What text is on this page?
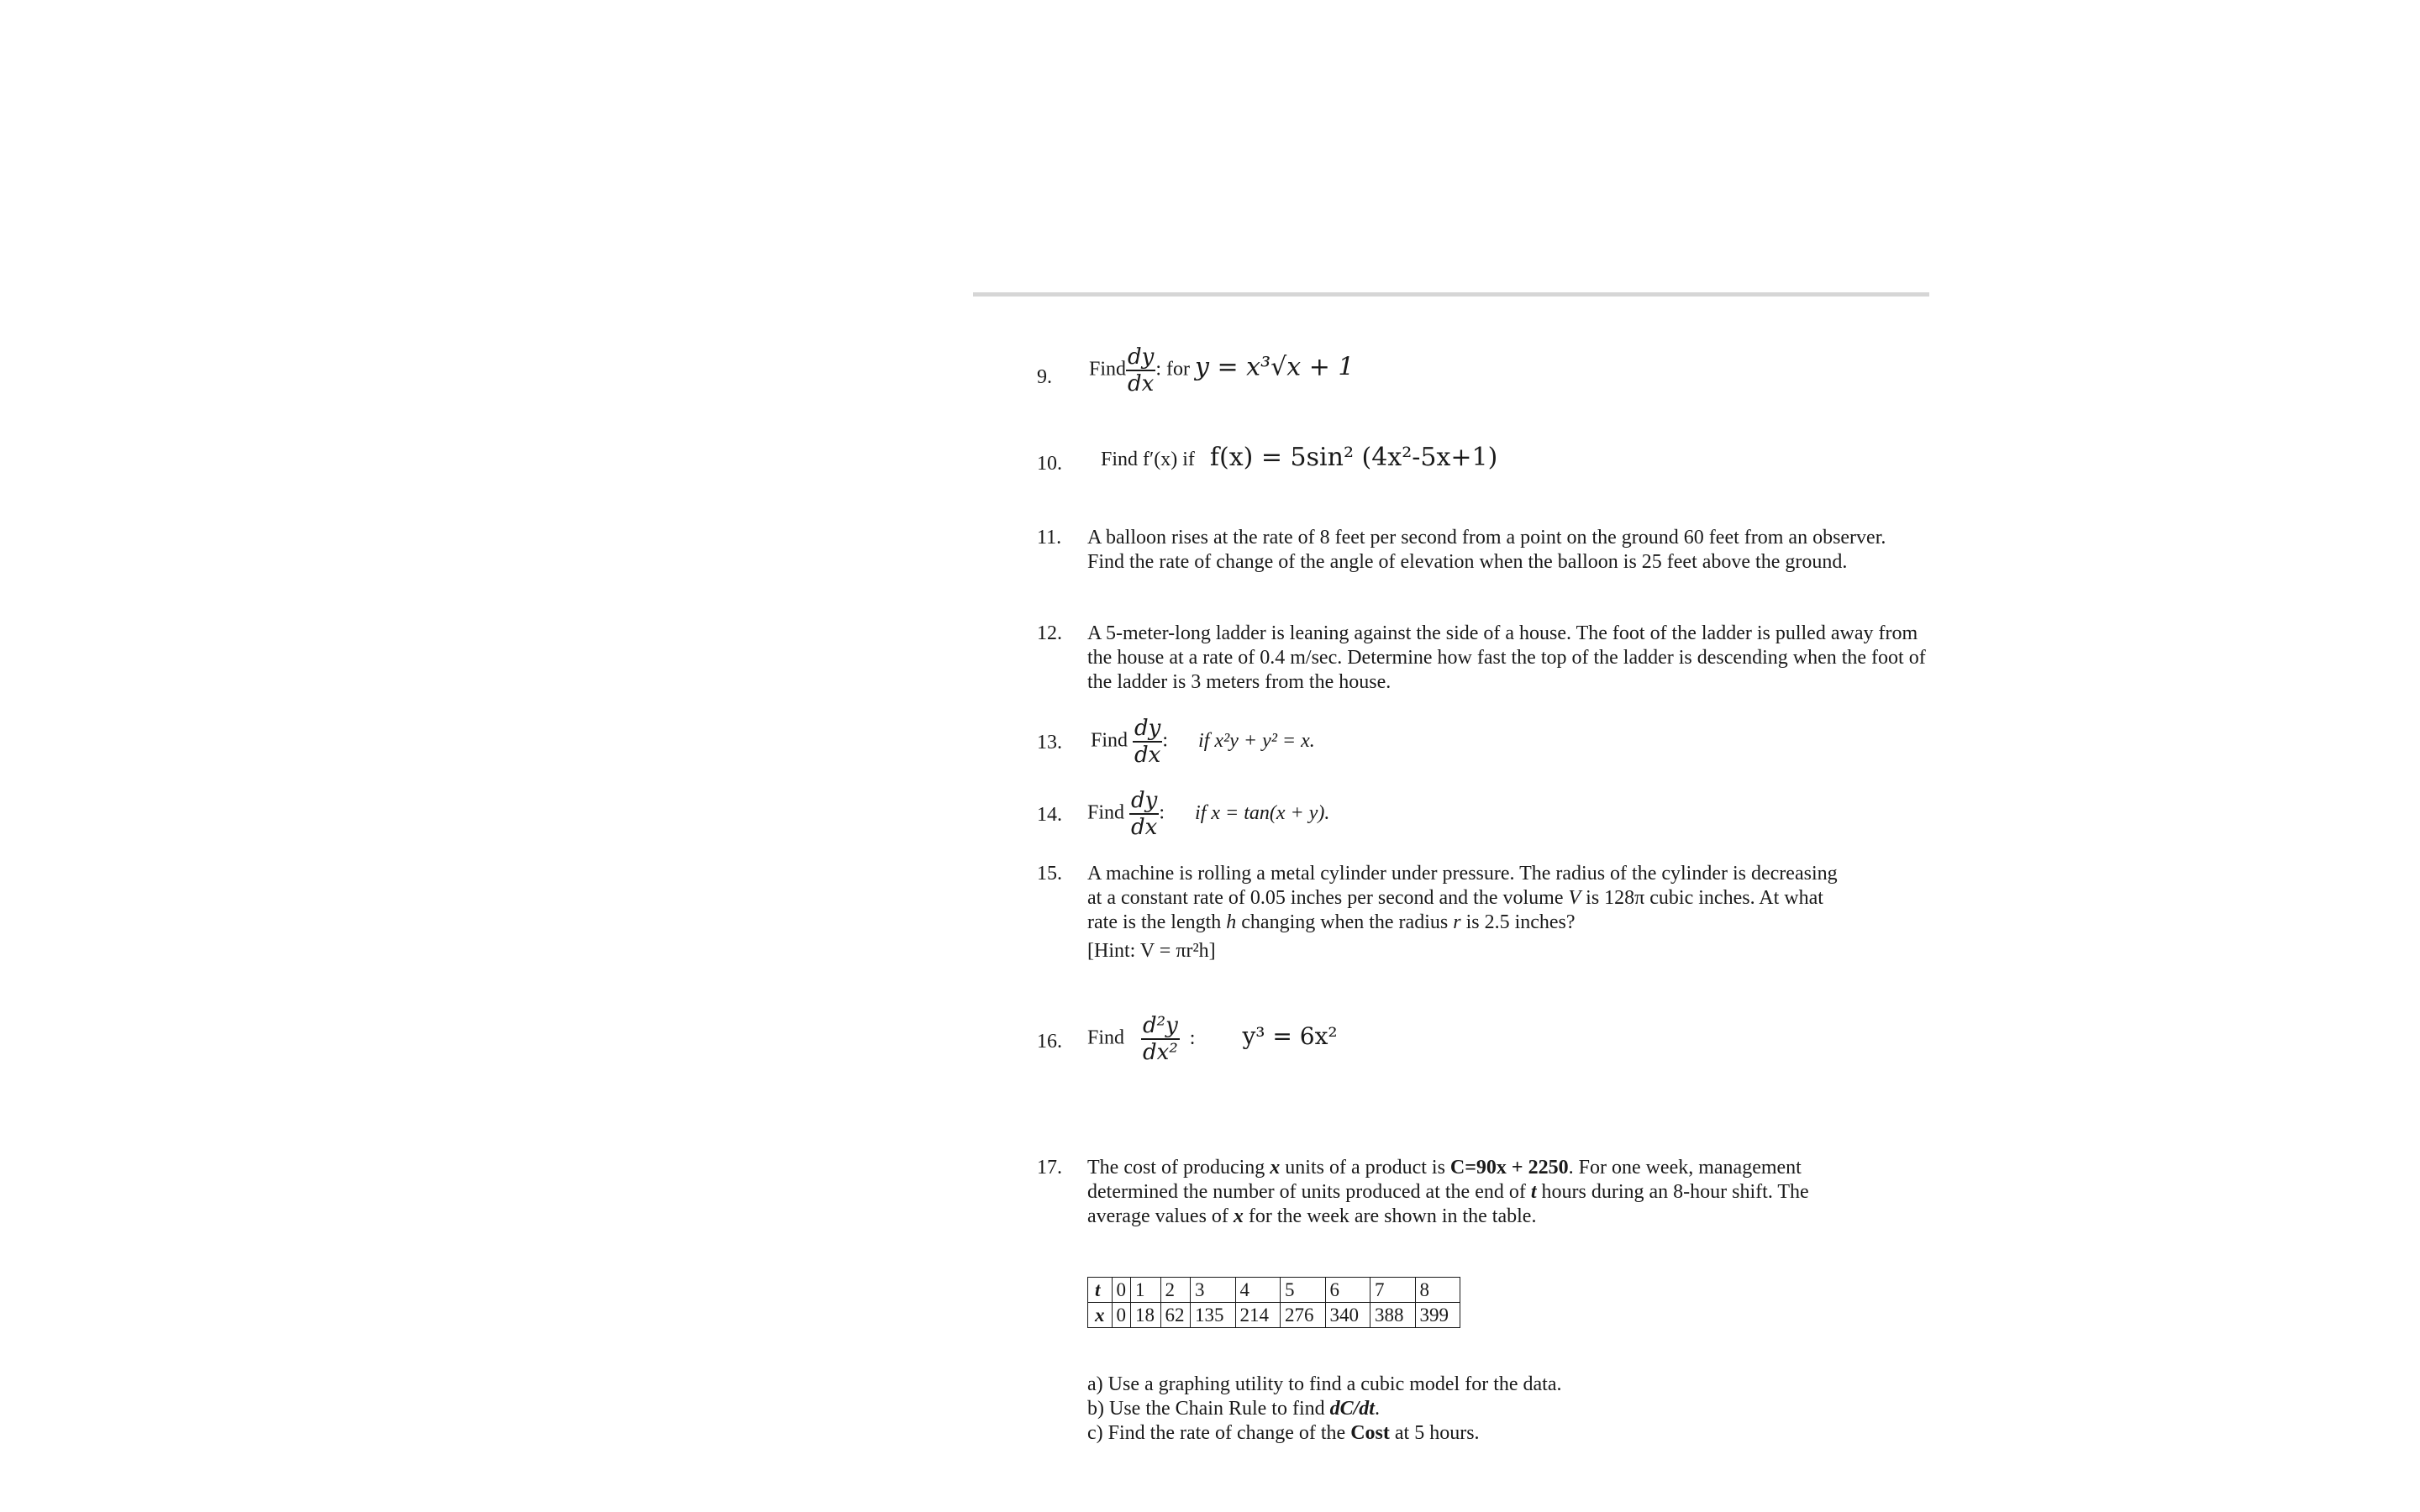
9. Find $\frac{dy}{dx}$ : for y = x³√x + 1
10. Find f′(x) if f(x) = 5sin² (4x²-5x+1)
11. A balloon rises at the rate of 8 feet per second from a point on the ground 60 feet from an observer. Find the rate of change of the angle of elevation when the balloon is 25 feet above the ground.

12. A 5-meter-long ladder is leaning against the side of a house. The foot of the ladder is pulled away from the house at a rate of 0.4 m/sec. Determine how fast the top of the ladder is descending when the foot of the ladder is 3 meters from the house.

13. Find $\frac{dy}{dx}$ : if x²y + y² = x.
14. Find $\frac{dy}{dx}$ : if x = tan(x + y).
15. A machine is rolling a metal cylinder under pressure. The radius of the cylinder is decreasing

at a constant rate of 0.05 inches per second and the volume V is 128π cubic inches. At what

rate is the length h changing when the radius r is 2.5 inches?

[Hint: V = πr²h]

16. Find $\frac{\text{d²y}}{\text{dx²}}$ : y³ = 6x²
17. The cost of producing x units of a product is C=90x + 2250. For one week, management

determined the number of units produced at the end of t hours during an 8-hour shift. The

average values of x for the week are shown in the table.

t	0	1	2	3	4	5	6	7	8
x	0	18	62	135	214	276	340	388	399

a) Use a graphing utility to find a cubic model for the data.

b) Use the Chain Rule to find dC/dt.

c) Find the rate of change of the Cost at 5 hours.
